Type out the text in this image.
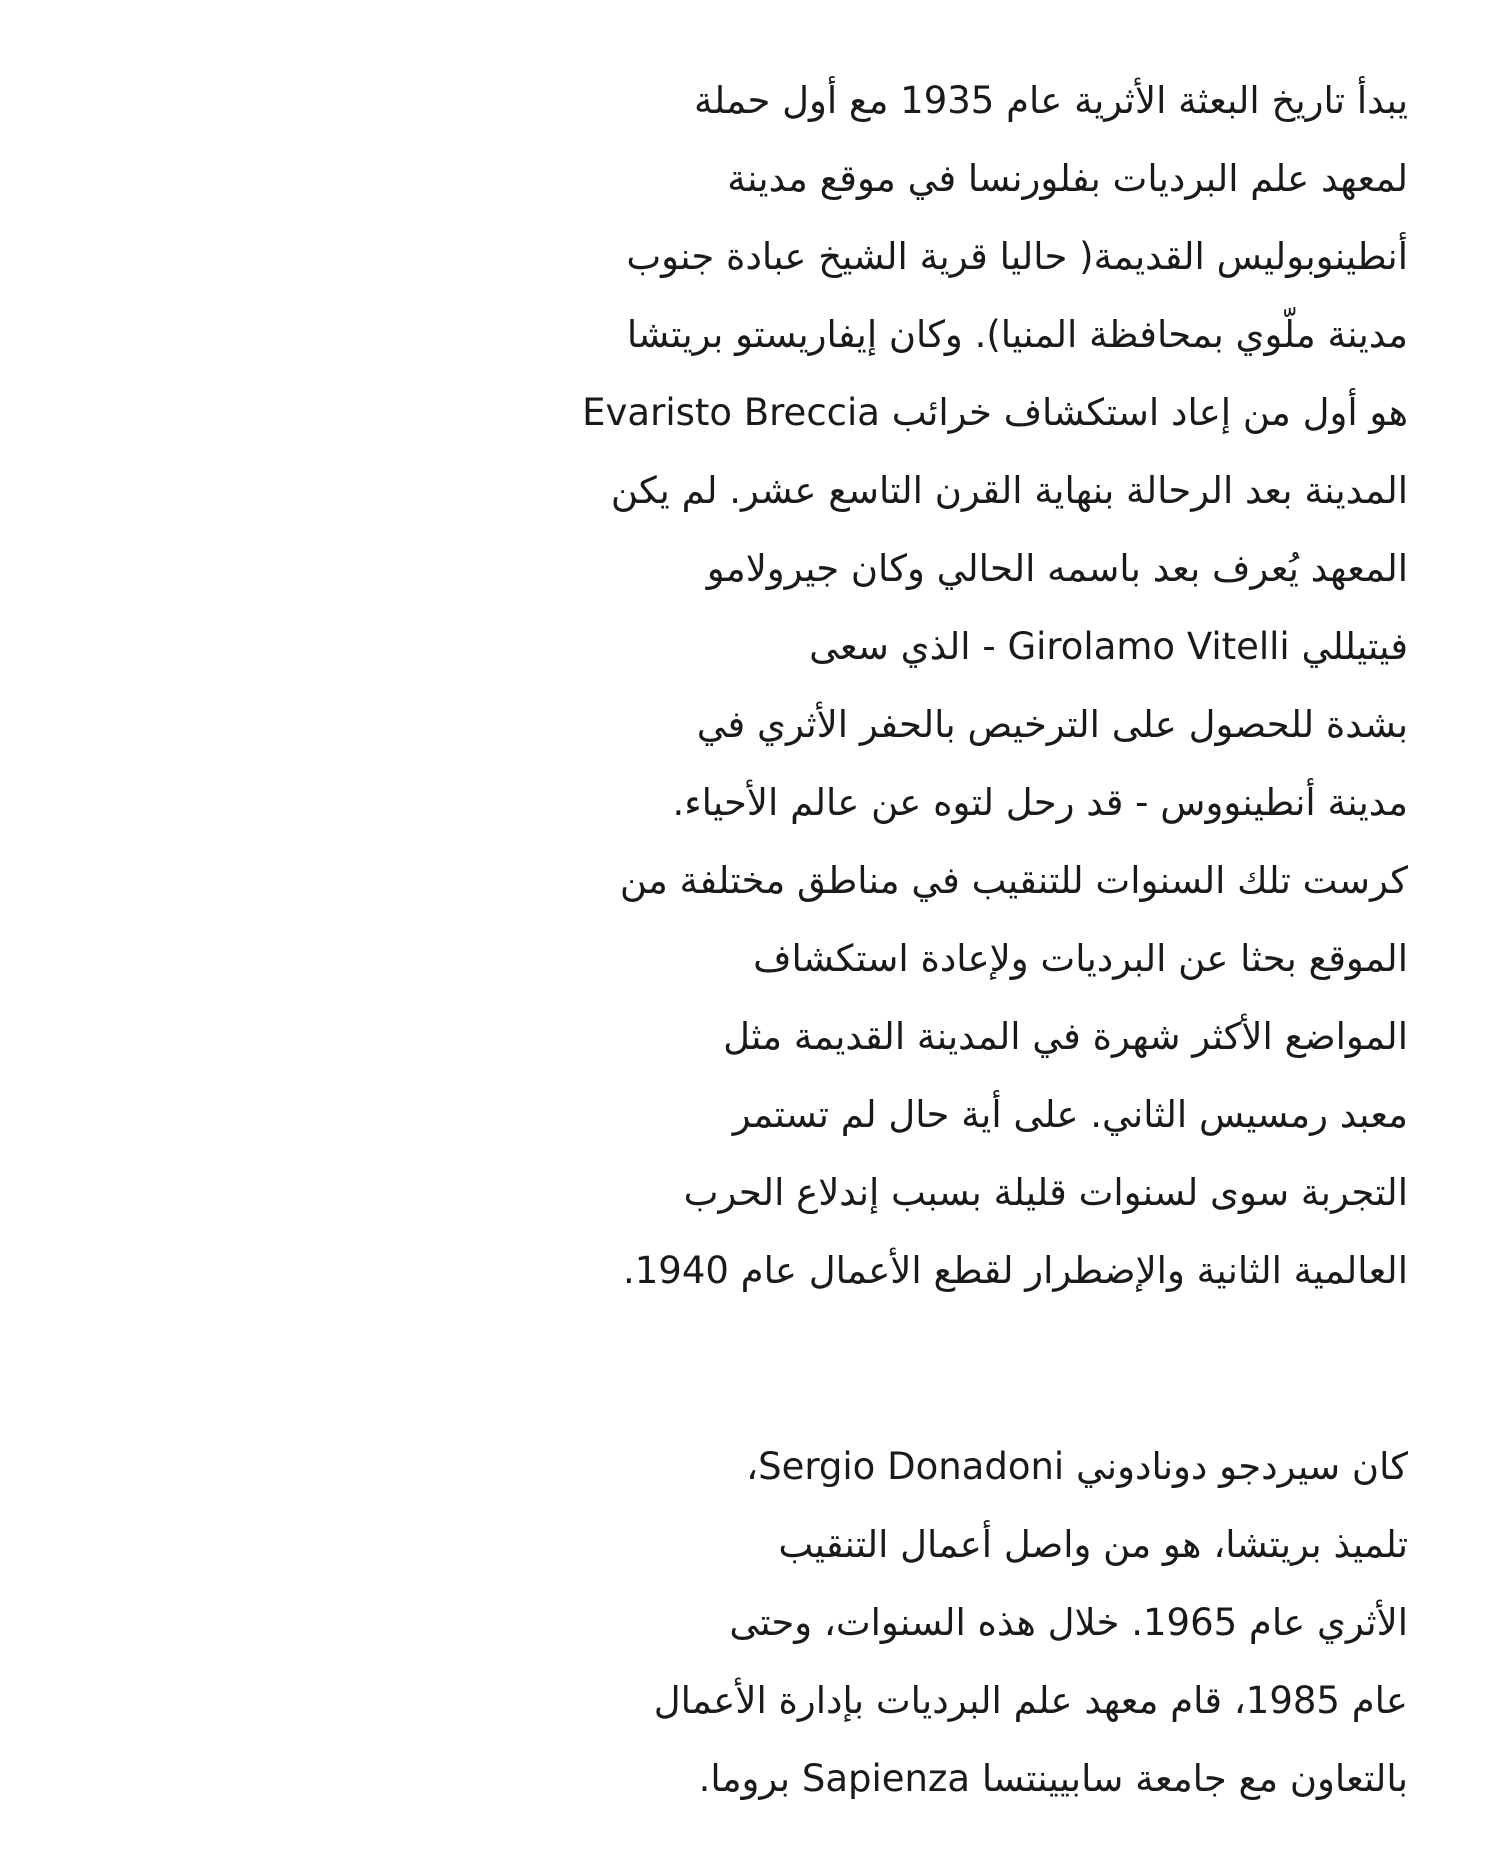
يبدأ تاريخ البعثة الأثرية عام 1935 مع أول حملة
لمعهد علم البرديات بفلورنسا في موقع مدينة
أنطينوبوليس القديمة( حاليا قرية الشيخ عبادة جنوب
مدينة ملّوي بمحافظة المنيا). وكان إيفاريستو بريتشا
Evaristo Breccia هو أول من إعاد استكشاف خرائب
المدينة بعد الرحالة بنهاية القرن التاسع عشر. لم يكن
المعهد يُعرف بعد باسمه الحالي وكان جيرولامو
فيتيللي Girolamo Vitelli - الذي سعى
بشدة للحصول على الترخيص بالحفر الأثري في
مدينة أنطينووس - قد رحل لتوه عن عالم الأحياء.
كرست تلك السنوات للتنقيب في مناطق مختلفة من
الموقع بحثا عن البرديات ولإعادة استكشاف
المواضع الأكثر شهرة في المدينة القديمة مثل
معبد رمسيس الثاني. على أية حال لم تستمر
التجربة سوى لسنوات قليلة بسبب إندلاع الحرب
العالمية الثانية والإضطرار لقطع الأعمال عام 1940.
كان سيردجو دونادوني Sergio Donadoni،
تلميذ بريتشا، هو من واصل أعمال التنقيب
الأثري عام 1965. خلال هذه السنوات، وحتى
عام 1985، قام معهد علم البرديات بإدارة الأعمال
بالتعاون مع جامعة سابيينتسا Sapienza بروما.
